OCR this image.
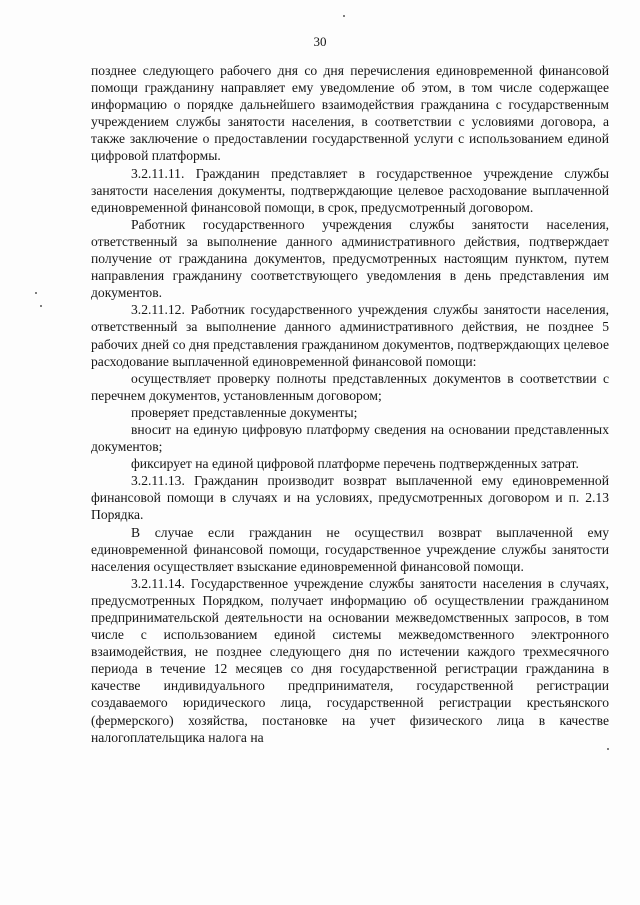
30

позднее следующего рабочего дня со дня перечисления единовременной финансовой помощи гражданину направляет ему уведомление об этом, в том числе содержащее информацию о порядке дальнейшего взаимодействия гражданина с государственным учреждением службы занятости населения, в соответствии с условиями договора, а также заключение о предоставлении государственной услуги с использованием единой цифровой платформы.

3.2.11.11. Гражданин представляет в государственное учреждение службы занятости населения документы, подтверждающие целевое расходование выплаченной единовременной финансовой помощи, в срок, предусмотренный договором.

Работник государственного учреждения службы занятости населения, ответственный за выполнение данного административного действия, подтверждает получение от гражданина документов, предусмотренных настоящим пунктом, путем направления гражданину соответствующего уведомления в день представления им документов.

3.2.11.12. Работник государственного учреждения службы занятости населения, ответственный за выполнение данного административного действия, не позднее 5 рабочих дней со дня представления гражданином документов, подтверждающих целевое расходование выплаченной единовременной финансовой помощи:

осуществляет проверку полноты представленных документов в соответствии с перечнем документов, установленным договором;

проверяет представленные документы;

вносит на единую цифровую платформу сведения на основании представленных документов;

фиксирует на единой цифровой платформе перечень подтвержденных затрат.

3.2.11.13. Гражданин производит возврат выплаченной ему единовременной финансовой помощи в случаях и на условиях, предусмотренных договором и п. 2.13 Порядка.

В случае если гражданин не осуществил возврат выплаченной ему единовременной финансовой помощи, государственное учреждение службы занятости населения осуществляет взыскание единовременной финансовой помощи.

3.2.11.14. Государственное учреждение службы занятости населения в случаях, предусмотренных Порядком, получает информацию об осуществлении гражданином предпринимательской деятельности на основании межведомственных запросов, в том числе с использованием единой системы межведомственного электронного взаимодействия, не позднее следующего дня по истечении каждого трехмесячного периода в течение 12 месяцев со дня государственной регистрации гражданина в качестве индивидуального предпринимателя, государственной регистрации создаваемого юридического лица, государственной регистрации крестьянского (фермерского) хозяйства, постановке на учет физического лица в качестве налогоплательщика налога на
